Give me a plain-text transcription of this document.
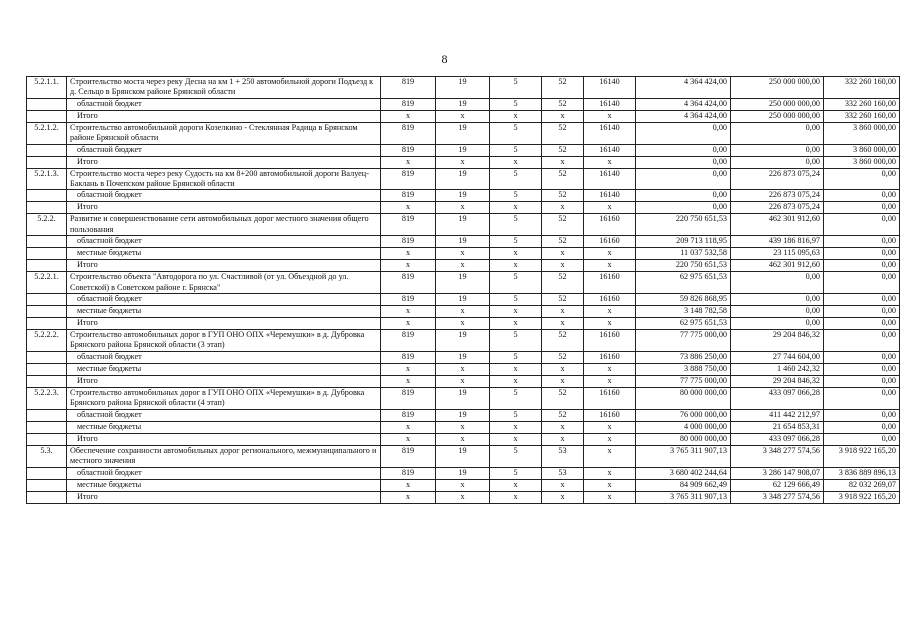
8
5.2.1.1.	Строительство моста через реку Десна на км 1 + 250 автомобильной дороги Подъезд к д. Сельцо в Брянском районе Брянской области	819	19	5	52	16140	4 364 424,00	250 000 000,00	332 260 160,00
	областной бюджет	819	19	5	52	16140	4 364 424,00	250 000 000,00	332 260 160,00
	Итого	x	x	x	x	x	4 364 424,00	250 000 000,00	332 260 160,00
5.2.1.2.	Строительство автомобильной дороги Козелкино - Стеклянная Радица в Брянском районе Брянской области	819	19	5	52	16140	0,00	0,00	3 860 000,00
	областной бюджет	819	19	5	52	16140	0,00	0,00	3 860 000,00
	Итого	x	x	x	x	x	0,00	0,00	3 860 000,00
5.2.1.3.	Строительство моста через реку Судость на км 8+200 автомобильной дороги Валуец-Баклань в Почепском районе Брянской области	819	19	5	52	16140	0,00	226 873 075,24	0,00
	областной бюджет	819	19	5	52	16140	0,00	226 873 075,24	0,00
	Итого	x	x	x	x	x	0,00	226 873 075,24	0,00
5.2.2.	Развитие и совершенствование сети автомобильных дорог местного значения общего пользования	819	19	5	52	16160	220 750 651,53	462 301 912,60	0,00
	областной бюджет	819	19	5	52	16160	209 713 118,95	439 186 816,97	0,00
	местные бюджеты	x	x	x	x	x	11 037 532,58	23 115 095,63	0,00
	Итого	x	x	x	x	x	220 750 651,53	462 301 912,60	0,00
5.2.2.1.	Строительство объекта "Автодорога по ул. Счастливой (от ул. Объездной до ул. Советской) в Советском районе г. Брянска"	819	19	5	52	16160	62 975 651,53	0,00	0,00
	областной бюджет	819	19	5	52	16160	59 826 868,95	0,00	0,00
	местные бюджеты	x	x	x	x	x	3 148 782,58	0,00	0,00
	Итого	x	x	x	x	x	62 975 651,53	0,00	0,00
5.2.2.2.	Строительство автомобильных дорог в ГУП ОНО ОПХ «Черемушки» в д. Дубровка Брянского района Брянской области (3 этап)	819	19	5	52	16160	77 775 000,00	29 204 846,32	0,00
	областной бюджет	819	19	5	52	16160	73 886 250,00	27 744 604,00	0,00
	местные бюджеты	x	x	x	x	x	3 888 750,00	1 460 242,32	0,00
	Итого	x	x	x	x	x	77 775 000,00	29 204 846,32	0,00
5.2.2.3.	Строительство автомобильных дорог в ГУП ОНО ОПХ «Черемушки» в д. Дубровка Брянского района Брянской области (4 этап)	819	19	5	52	16160	80 000 000,00	433 097 066,28	0,00
	областной бюджет	819	19	5	52	16160	76 000 000,00	411 442 212,97	0,00
	местные бюджеты	x	x	x	x	x	4 000 000,00	21 654 853,31	0,00
	Итого	x	x	x	x	x	80 000 000,00	433 097 066,28	0,00
5.3.	Обеспечение сохранности автомобильных дорог регионального, межмуниципального и местного значения	819	19	5	53	x	3 765 311 907,13	3 348 277 574,56	3 918 922 165,20
	областной бюджет	819	19	5	53	x	3 680 402 244,64	3 286 147 908,07	3 836 889 896,13
	местные бюджеты	x	x	x	x	x	84 909 662,49	62 129 666,49	82 032 269,07
	Итого	x	x	x	x	x	3 765 311 907,13	3 348 277 574,56	3 918 922 165,20
